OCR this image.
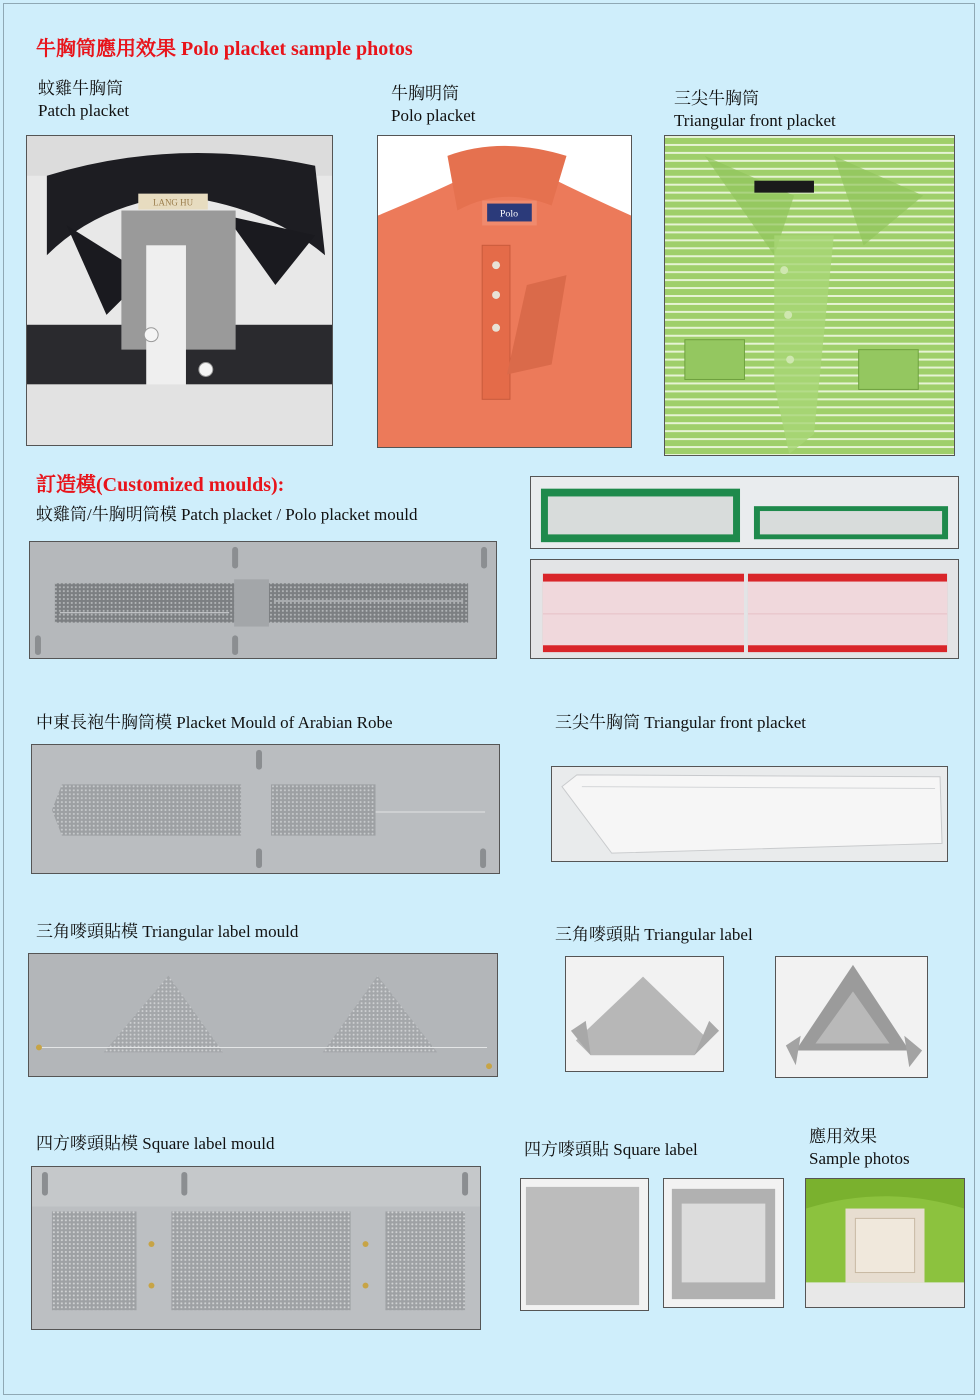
牛胸筒應用效果 Polo placket sample photos
蚊雞牛胸筒
Patch placket
牛胸明筒
Polo placket
三尖牛胸筒
Triangular front placket
LANG HU
Polo
訂造模(Customized moulds):
蚊雞筒/牛胸明筒模 Patch placket / Polo placket mould
中東長袍牛胸筒模 Placket Mould of Arabian Robe	三尖牛胸筒 Triangular front placket
三角嘜頭貼模 Triangular label mould	三角嘜頭貼 Triangular label
四方嘜頭貼模 Square label mould	四方嘜頭貼 Square label
應用效果
Sample photos
